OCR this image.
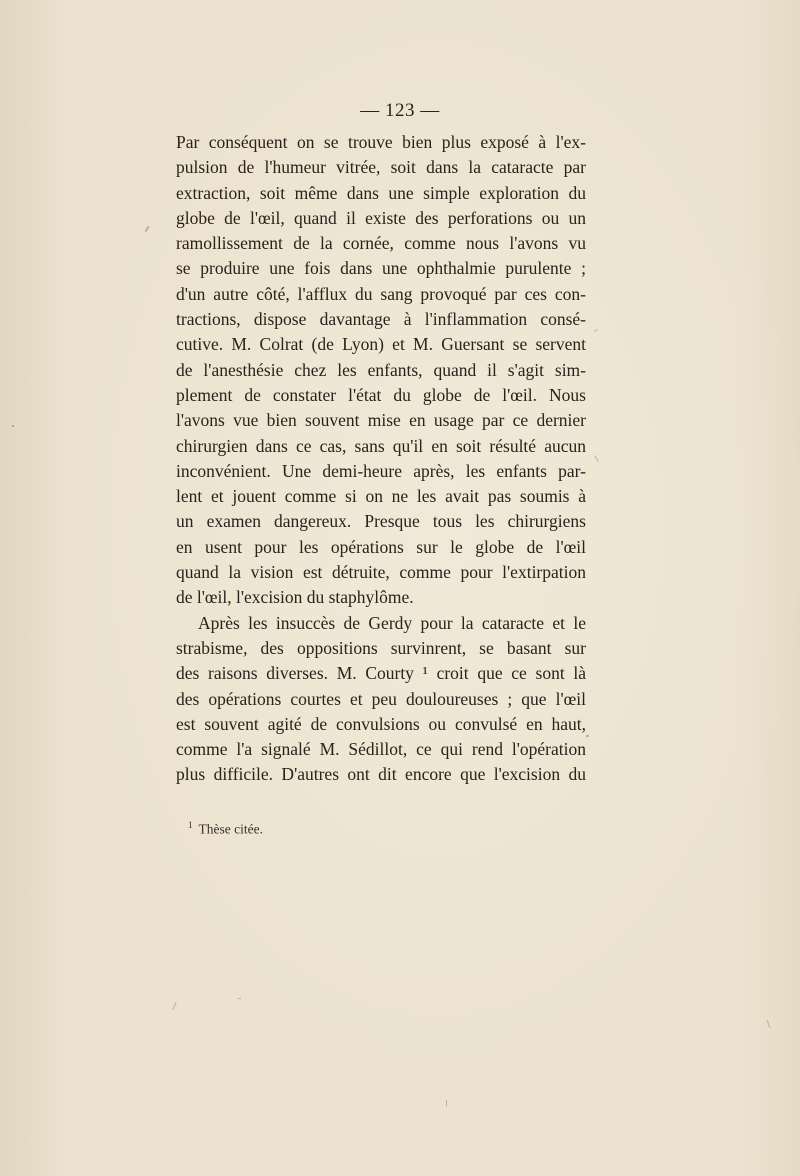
— 123 —
Par conséquent on se trouve bien plus exposé à l'ex-
pulsion de l'humeur vitrée, soit dans la cataracte par
extraction, soit même dans une simple exploration du
globe de l'œil, quand il existe des perforations ou un
ramollissement de la cornée, comme nous l'avons vu
se produire une fois dans une ophthalmie purulente ;
d'un autre côté, l'afflux du sang provoqué par ces con-
tractions, dispose davantage à l'inflammation consé-
cutive. M. Colrat (de Lyon) et M. Guersant se servent
de l'anesthésie chez les enfants, quand il s'agit sim-
plement de constater l'état du globe de l'œil. Nous
l'avons vue bien souvent mise en usage par ce dernier
chirurgien dans ce cas, sans qu'il en soit résulté aucun
inconvénient. Une demi-heure après, les enfants par-
lent et jouent comme si on ne les avait pas soumis à
un examen dangereux. Presque tous les chirurgiens
en usent pour les opérations sur le globe de l'œil
quand la vision est détruite, comme pour l'extirpation
de l'œil, l'excision du staphylôme.
Après les insuccès de Gerdy pour la cataracte et le
strabisme, des oppositions survinrent, se basant sur
des raisons diverses. M. Courty ¹ croit que ce sont là
des opérations courtes et peu douloureuses ; que l'œil
est souvent agité de convulsions ou convulsé en haut,
comme l'a signalé M. Sédillot, ce qui rend l'opération
plus difficile. D'autres ont dit encore que l'excision du
$^1$ Thèse citée.
